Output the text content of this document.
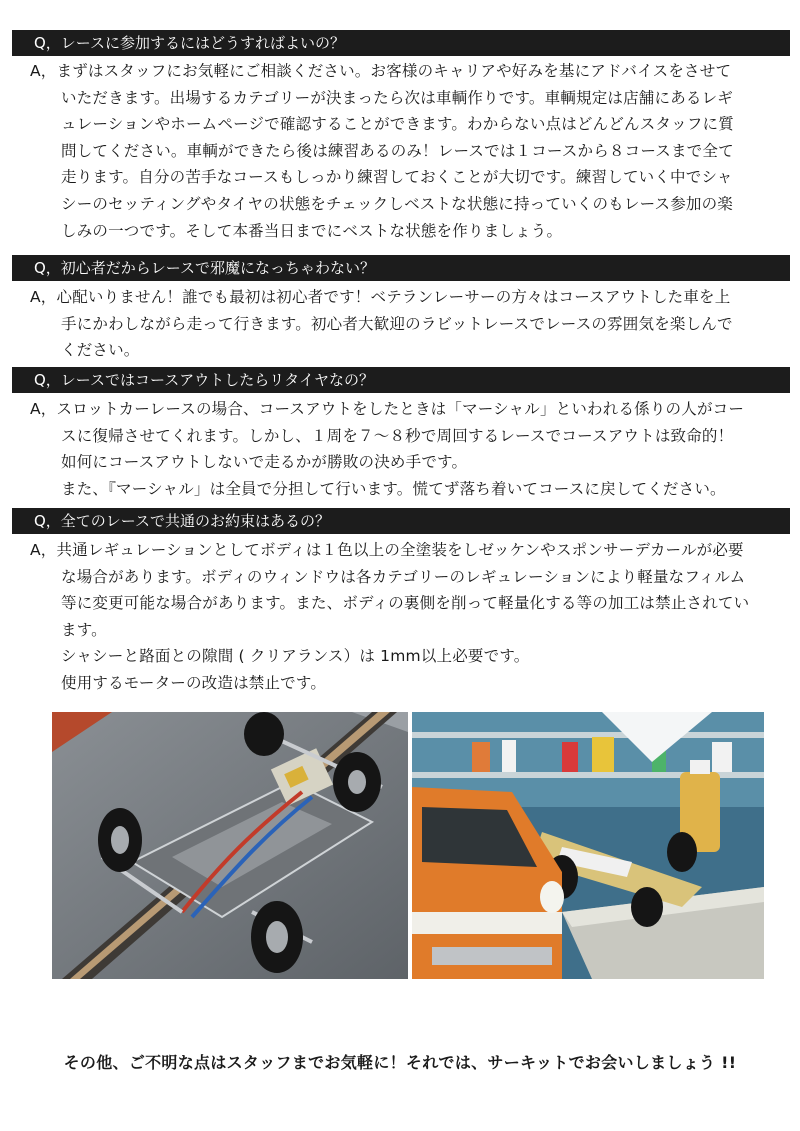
Q，レースに参加するにはどうすればよいの？
A，まずはスタッフにお気軽にご相談ください。お客様のキャリアや好みを基にアドバイスをさせて
いただきます。出場するカテゴリーが決まったら次は車輌作りです。車輌規定は店舗にあるレギ
ュレーションやホームページで確認することができます。わからない点はどんどんスタッフに質
問してください。車輌ができたら後は練習あるのみ！レースでは１コースから８コースまで全て
走ります。自分の苦手なコースもしっかり練習しておくことが大切です。練習していく中でシャ
シーのセッティングやタイヤの状態をチェックしベストな状態に持っていくのもレース参加の楽
しみの一つです。そして本番当日までにベストな状態を作りましょう。
Q，初心者だからレースで邪魔になっちゃわない？
A，心配いりません！誰でも最初は初心者です！ベテランレーサーの方々はコースアウトした車を上
手にかわしながら走って行きます。初心者大歓迎のラビットレースでレースの雰囲気を楽しんで
ください。
Q，レースではコースアウトしたらリタイヤなの？
A，スロットカーレースの場合、コースアウトをしたときは「マーシャル」といわれる係りの人がコー
スに復帰させてくれます。しかし、１周を７～８秒で周回するレースでコースアウトは致命的！
如何にコースアウトしないで走るかが勝敗の決め手です。
また、『マーシャル」は全員で分担して行います。慌てず落ち着いてコースに戻してください。
Q，全てのレースで共通のお約束はあるの？
A，共通レギュレーションとしてボディは１色以上の全塗装をしゼッケンやスポンサーデカールが必要
な場合があります。ボディのウィンドウは各カテゴリーのレギュレーションにより軽量なフィルム
等に変更可能な場合があります。また、ボディの裏側を削って軽量化する等の加工は禁止されてい
ます。
シャシーと路面との隙間 ( クリアランス）は 1mm以上必要です。
使用するモーターの改造は禁止です。
その他、ご不明な点はスタッフまでお気軽に！それでは、サーキットでお会いしましょう !!
